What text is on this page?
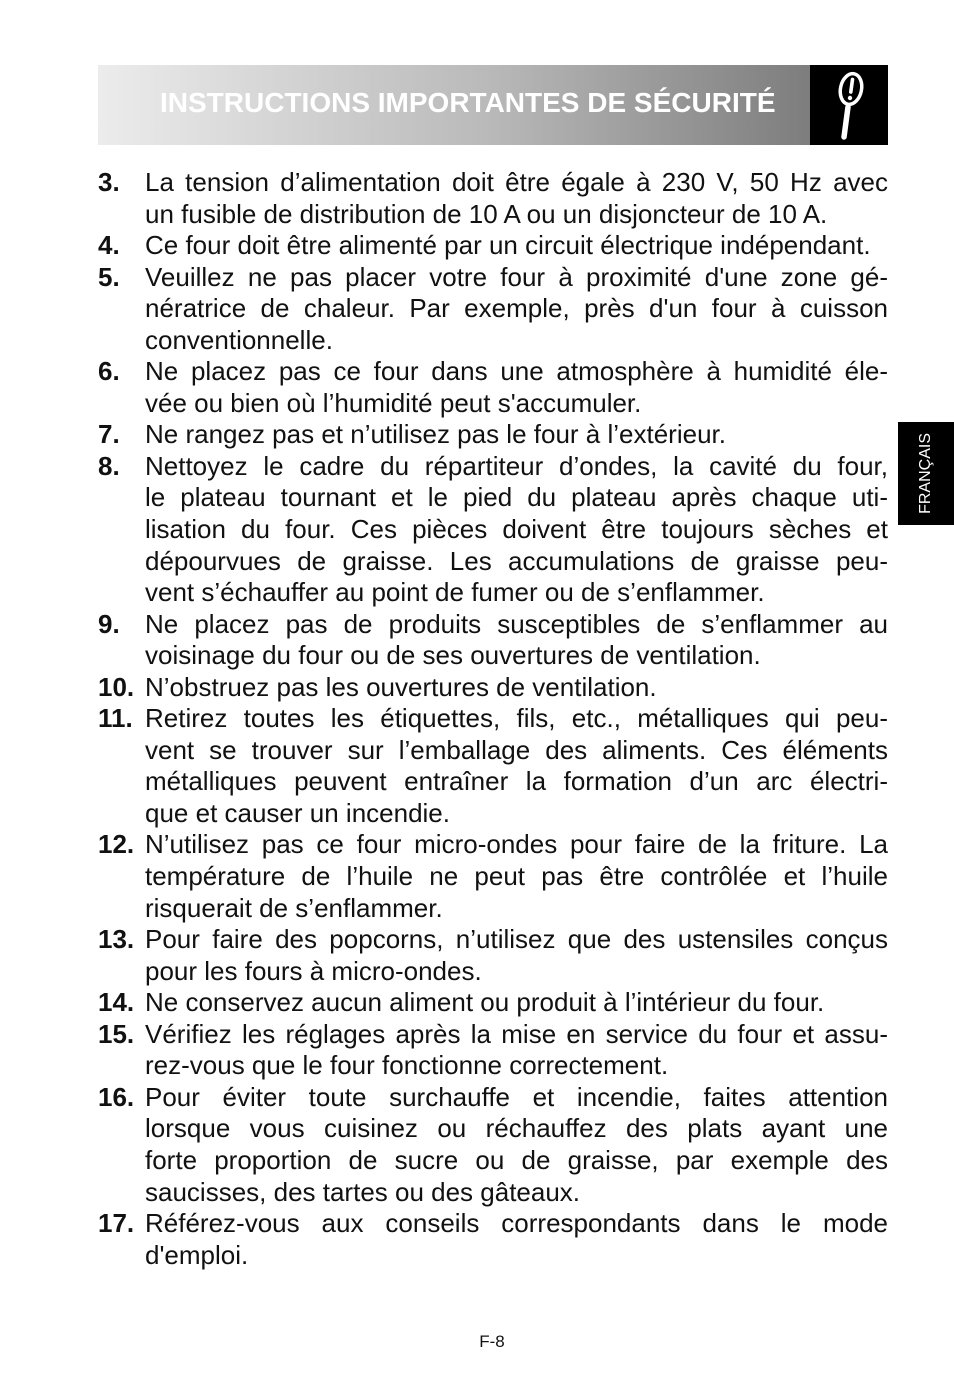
INSTRUCTIONS IMPORTANTES DE SÉCURITÉ
FRANÇAIS
3. La tension d’alimentation doit être égale à 230 V, 50 Hz avec
un fusible de distribution de 10 A ou un disjoncteur de 10 A.
4. Ce four doit être alimenté par un circuit électrique indépendant.
5. Veuillez ne pas placer votre four à proximité d'une zone gé-
nératrice de chaleur. Par exemple, près d'un four à cuisson
conventionnelle.
6. Ne placez pas ce four dans une atmosphère à humidité éle-
vée ou bien où l’humidité peut s'accumuler.
7. Ne rangez pas et n’utilisez pas le four à l’extérieur.
8. Nettoyez le cadre du répartiteur d’ondes, la cavité du four,
le plateau tournant et le pied du plateau après chaque uti-
lisation du four. Ces pièces doivent être toujours sèches et
dépourvues de graisse. Les accumulations de graisse peu-
vent s’échauffer au point de fumer ou de s’enflammer.
9. Ne placez pas de produits susceptibles de s’enflammer au
voisinage du four ou de ses ouvertures de ventilation.
10. N’obstruez pas les ouvertures de ventilation.
11. Retirez toutes les étiquettes, fils, etc., métalliques qui peu-
vent se trouver sur l’emballage des aliments. Ces éléments
métalliques peuvent entraîner la formation d’un arc électri-
que et causer un incendie.
12. N’utilisez pas ce four micro-ondes pour faire de la friture. La
température de l’huile ne peut pas être contrôlée et l’huile
risquerait de s’enflammer.
13. Pour faire des popcorns, n’utilisez que des ustensiles conçus
pour les fours à micro-ondes.
14. Ne conservez aucun aliment ou produit à l’intérieur du four.
15. Vérifiez les réglages après la mise en service du four et assu-
rez-vous que le four fonctionne correctement.
16. Pour éviter toute surchauffe et incendie, faites attention
lorsque vous cuisinez ou réchauffez des plats ayant une
forte proportion de sucre ou de graisse, par exemple des
saucisses, des tartes ou des gâteaux.
17. Référez-vous aux conseils correspondants dans le mode
d'emploi.
F-8
